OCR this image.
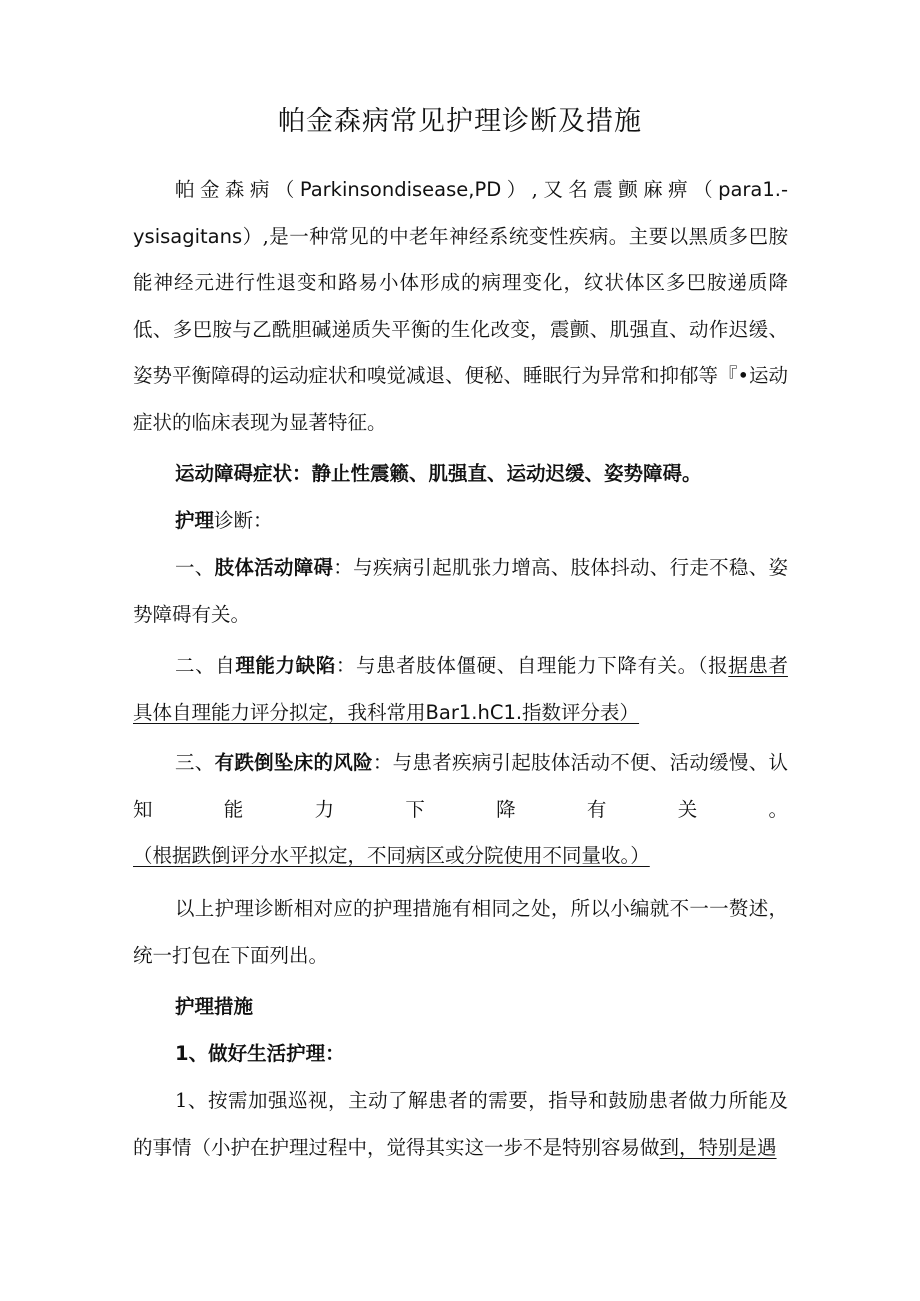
帕金森病常见护理诊断及措施

帕金森病（Parkinsondisease,PD）,又名震颤麻痹（para1.-ysisagitans）,是一种常见的中老年神经系统变性疾病。主要以黑质多巴胺能神经元进行性退变和路易小体形成的病理变化，纹状体区多巴胺递质降低、多巴胺与乙酰胆碱递质失平衡的生化改变，震颤、肌强直、动作迟缓、姿势平衡障碍的运动症状和嗅觉减退、便秘、睡眠行为异常和抑郁等『•运动症状的临床表现为显著特征。

运动障碍症状：静止性震籁、肌强直、运动迟缓、姿势障碍。

护理诊断：

一、肢体活动障碍：与疾病引起肌张力增高、肢体抖动、行走不稳、姿势障碍有关。

二、自理能力缺陷：与患者肢体僵硬、自理能力下降有关。（报据患者具体自理能力评分拟定，我科常用Bar1.hC1.指数评分表）

三、有跌倒坠床的风险：与患者疾病引起肢体活动不便、活动缓慢、认知能力下降有关。（根据跌倒评分水平拟定，不同病区或分院使用不同量收。）

以上护理诊断相对应的护理措施有相同之处，所以小编就不一一赘述，统一打包在下面列出。

护理措施

1、做好生活护理：

1、按需加强巡视，主动了解患者的需要，指导和鼓励患者做力所能及的事情（小护在护理过程中，觉得其实这一步不是特别容易做到，特别是遇
